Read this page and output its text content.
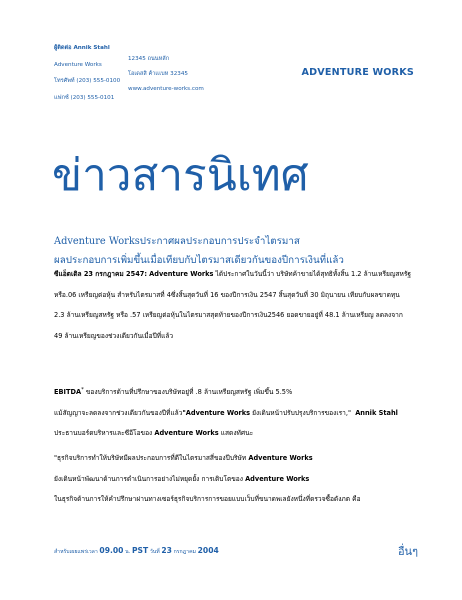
ผู้ติดต่อ Annik Stahl
Adventure Works
โทรศัพท์ (203) 555-0100
แฟกซ์ (203) 555-0101
12345 ถนนหลัก
โอเดสสิ ค้าเเเบห 32345
www.adventure-works.com
ADVENTURE WORKS
ข่าวสารนิเทศ
Adventure Worksประกาศผลประกอบการประจำไตรมาส
ผลประกอบการเพิ่มขึ้นเมื่อเทียบกับไตรมาสเดียวกันของปีการเงินที่แล้ว

ซีแอ็ตเติล 23 กรกฎาคม 2547: Adventure Works ได้ประกาศในวันนี้ว่า บริษัทค้าขายได้สุทธิทั้งสิ้น 1.2 ล้านเหรียญสหรัฐ

หรือ.06 เหรียญต่อหุ้น สำหรับไตรมาสที่ 4ซึ่งสิ้นสุดวันที่ 16 ของปีการเงิน 2547 สิ้นสุดวันที่ 30 มิถุนายน เทียบกับผลขาดทุน

2.3 ล้านเหรียญสหรัฐ หรือ .57 เหรียญต่อหุ้นในไตรมาสสุดท้ายของปีการเงิน2546 ยอดขายอยู่ที่ 48.1 ล้านเหรียญ ลดลงจาก

49 ล้านเหรียญของช่วงเดียวกันเมื่อปีที่แล้ว

EBITDA* ของบริการด้านที่ปรึกษาของบริษัทอยู่ที่ .8 ล้านเหรียญสหรัฐ เพิ่มขึ้น 5.5%

แม้สัญญาจะลดลงจากช่วงเดียวกันของปีที่แล้ว"Adventure Works ยังเดินหน้าปรับปรุงบริการของเรา," Annik Stahl

ประธานบอร์ดบริหารและซีอีโอของ Adventure Works แสดงทัศนะ

"ธุรกิจบริการทำให้บริษัทมีผลประกอบการที่ดีในไตรมาสสี่ของปีบริษัท Adventure Works

ยังเดินหน้าพัฒนาด้านการดำเนินการอย่างไม่หยุดยั้ง การเติบโตของ Adventure Works

ในธุรกิจด้านการให้คำปรึกษาผ่านทางเซอร์ธุรกิจบริการการขอยแบบเว็บที่ขนาดพเลยังหนึ่งที่ดรวจซื้อดังภต คือ

สำหรับเผยแพร่เวลา 09.00 น. PST วันที่ 23 กรกฎาคม 2004	อื่นๆ
